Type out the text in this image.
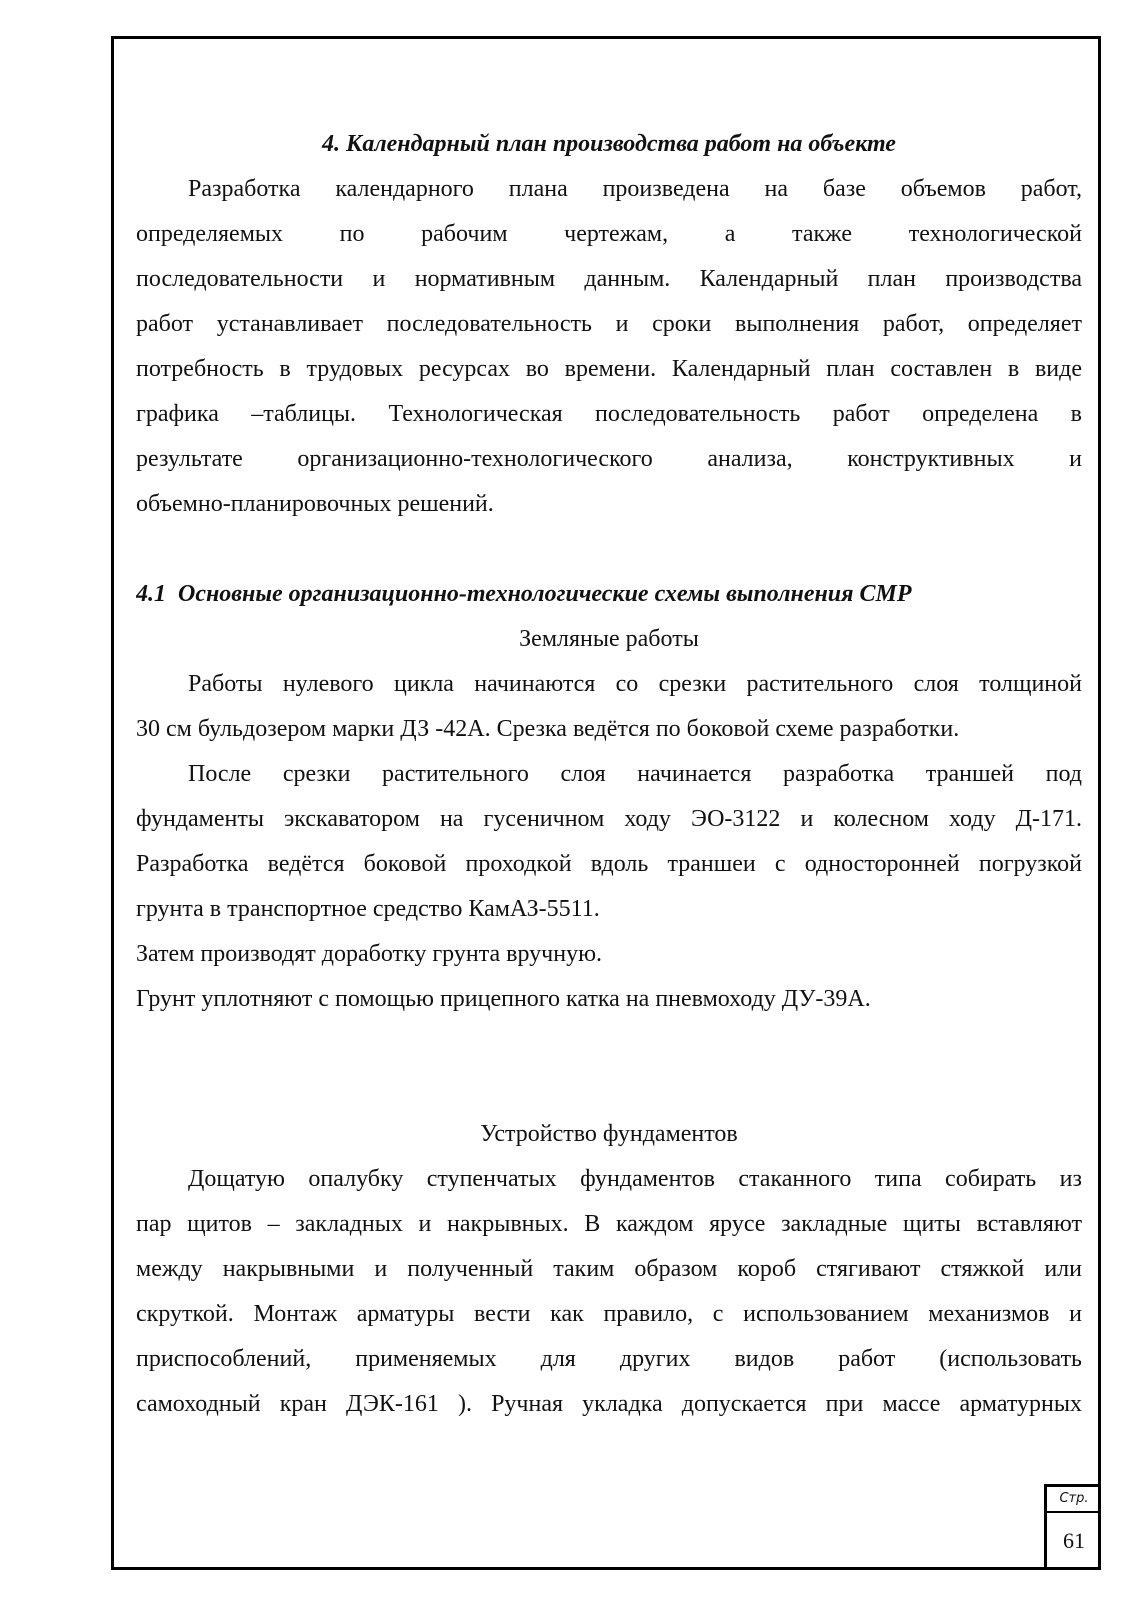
4. Календарный план производства работ на объекте
Разработка календарного плана произведена на базе объемов работ,
определяемых по рабочим чертежам, а также технологической
последовательности и нормативным данным. Календарный план производства
работ устанавливает последовательность и сроки выполнения работ, определяет
потребность в трудовых ресурсах во времени. Календарный план составлен в виде
графика –таблицы. Технологическая последовательность работ определена в
результате организационно-технологического анализа, конструктивных и
объемно-планировочных решений.
4.1  Основные организационно-технологические схемы выполнения СМР
Земляные работы
Работы нулевого цикла начинаются со срезки растительного слоя толщиной
30 см бульдозером марки ДЗ -42А. Срезка ведётся по боковой схеме разработки.
После срезки растительного слоя начинается разработка траншей под
фундаменты экскаватором на гусеничном ходу ЭО-3122 и колесном ходу Д-171.
Разработка ведётся боковой проходкой вдоль траншеи с односторонней погрузкой
грунта в транспортное средство КамАЗ-5511.
Затем производят доработку грунта вручную.
Грунт уплотняют с помощью прицепного катка на пневмоходу ДУ-39А.
Устройство фундаментов
Дощатую опалубку ступенчатых фундаментов стаканного типа собирать из
пар щитов – закладных и накрывных. В каждом ярусе закладные щиты вставляют
между накрывными и полученный таким образом короб стягивают стяжкой или
скруткой. Монтаж арматуры вести как правило, с использованием механизмов и
приспособлений, применяемых для других видов работ (использовать
самоходный кран ДЭК-161 ). Ручная укладка допускается при массе арматурных
Стр.
61
